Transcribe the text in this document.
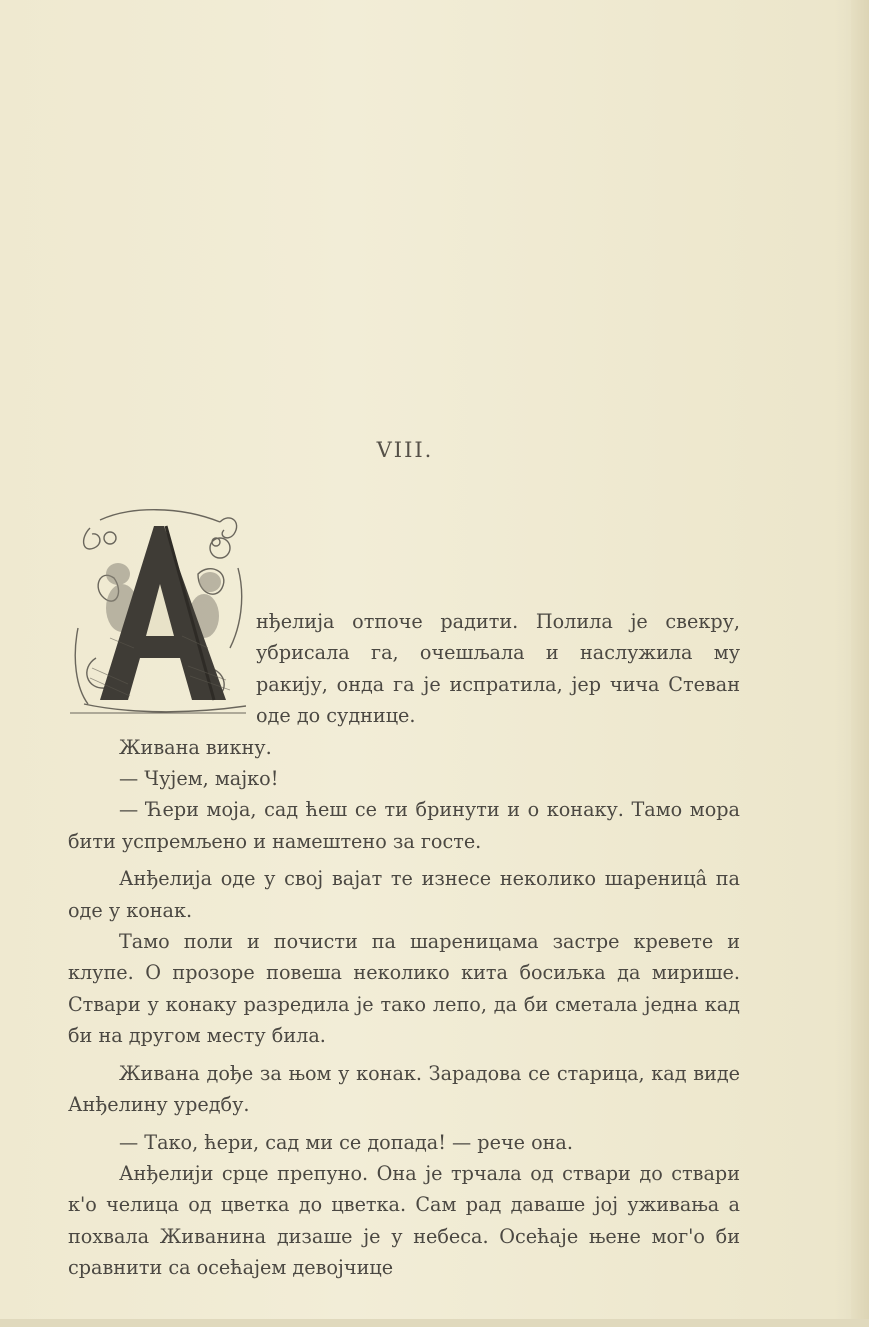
VIII.

нђелија отпоче радити. Полила је свекру, убрисала га, очешљала и наслужила му ракију, онда га је испратила, јер чича Стеван оде до суднице.

Живана викну.

— Чујем, мајко!

— Ћери моја, сад ћеш се ти бринути и о конаку. Тамо мора бити успремљено и намештено за госте.

Анђелија оде у свој вајат те изнесе неколико шареницâ па оде у конак.

Тамо поли и почисти па шареницама застре кревете и клупе. О прозоре повеша неколико кита босиљка да мирише. Ствари у конаку разредила је тако лепо, да би сметала једна кад би на другом месту била.

Живана дође за њом у конак. Зарадова се старица, кад виде Анђелину уредбу.

— Тако, ћери, сад ми се допада! — рече она.

Анђелији срце препуно. Она је трчала од ствари до ствари к'о челица од цветка до цветка. Сам рад даваше јој уживања а похвала Живанина дизаше је у небеса. Осећаје њене мог'о би сравнити са осећајем девојчице
